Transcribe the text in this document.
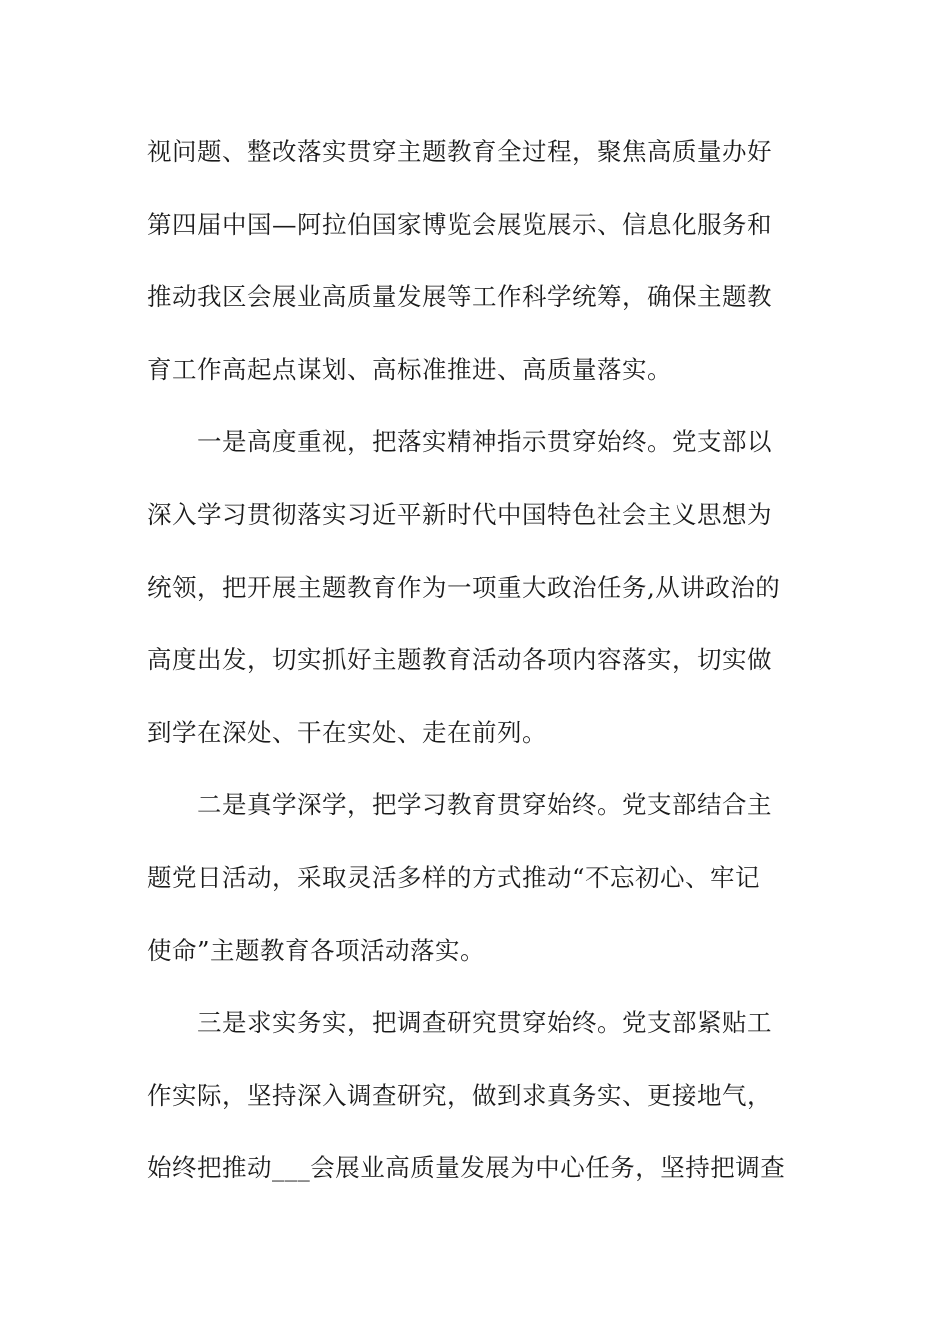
视问题、整改落实贯穿主题教育全过程，聚焦高质量办好
第四届中国—阿拉伯国家博览会展览展示、信息化服务和
推动我区会展业高质量发展等工作科学统筹，确保主题教
育工作高起点谋划、高标准推进、高质量落实。
一是高度重视，把落实精神指示贯穿始终。党支部以
深入学习贯彻落实习近平新时代中国特色社会主义思想为
统领，把开展主题教育作为一项重大政治任务,从讲政治的
高度出发，切实抓好主题教育活动各项内容落实，切实做
到学在深处、干在实处、走在前列。
二是真学深学，把学习教育贯穿始终。党支部结合主
题党日活动，采取灵活多样的方式推动“不忘初心、牢记
使命”主题教育各项活动落实。
三是求实务实，把调查研究贯穿始终。党支部紧贴工
作实际，坚持深入调查研究，做到求真务实、更接地气，
始终把推动___会展业高质量发展为中心任务，坚持把调查
